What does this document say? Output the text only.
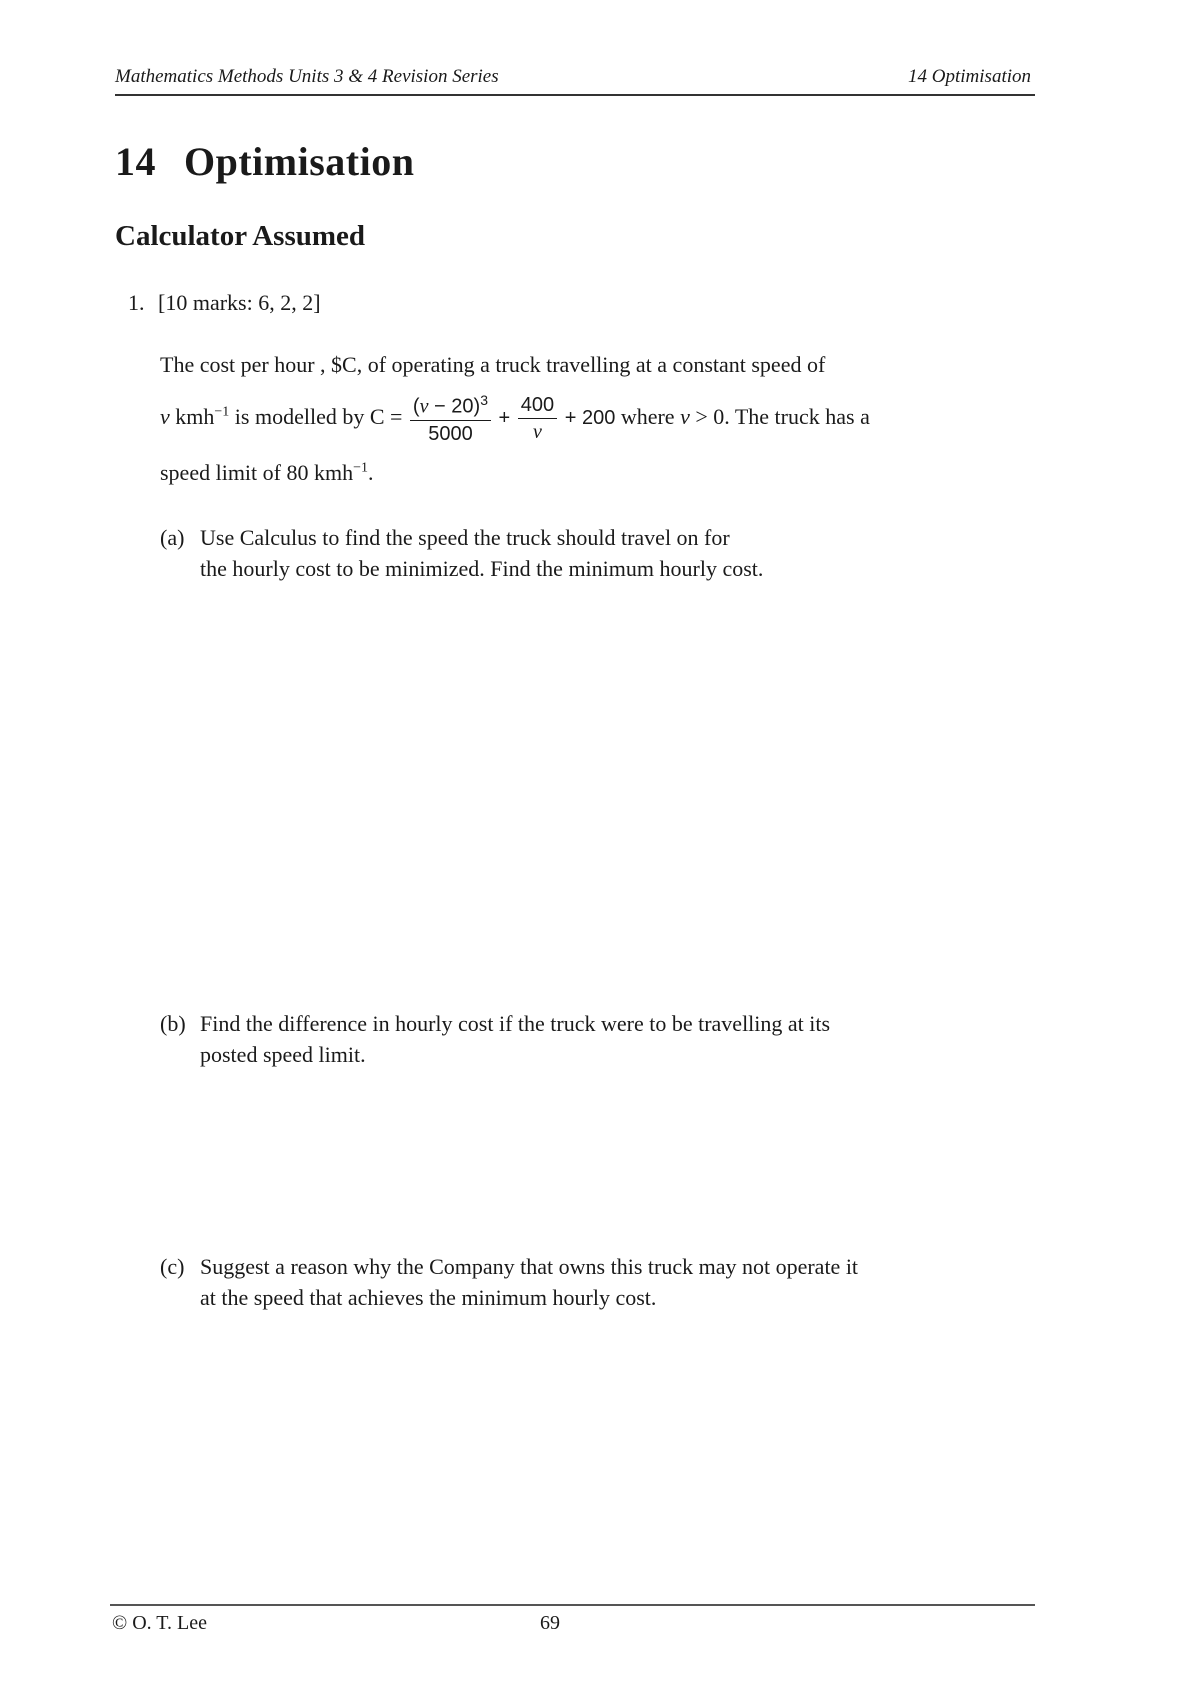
Mathematics Methods Units 3 & 4 Revision Series	14 Optimisation
14 Optimisation
Calculator Assumed
1. [10 marks: 6, 2, 2]
The cost per hour , $C, of operating a truck travelling at a constant speed of
v kmh$^{-1}$ is modelled by $C = \frac{(v - 20)^3}{5000} + \frac{400}{v} + 200$ where v > 0. The truck has a
speed limit of 80 kmh$^{-1}$.
(a) Use Calculus to find the speed the truck should travel on for
the hourly cost to be minimized. Find the minimum hourly cost.
(b) Find the difference in hourly cost if the truck were to be travelling at its
posted speed limit.
(c) Suggest a reason why the Company that owns this truck may not operate it
at the speed that achieves the minimum hourly cost.
© O. T. Lee	69
